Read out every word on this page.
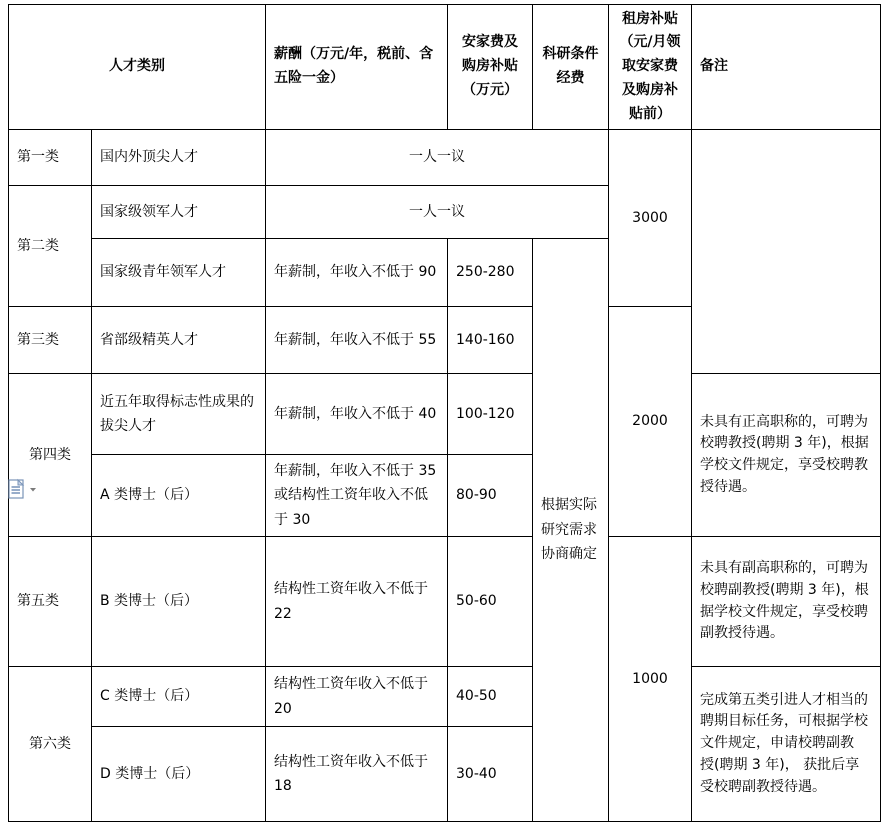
人才类别		薪酬（万元/年，税前、含五险一金）	安家费及购房补贴（万元）	科研条件经费	租房补贴（元/月领取安家费及购房补贴前）	备注
第一类	国内外顶尖人才	一人一议			3000	
第二类	国家级领军人才	一人一议				
	国家级青年领军人才	年薪制，年收入不低于 90	250-280	根据实际研究需求协商确定		
第三类	省部级精英人才	年薪制，年收入不低于 55	140-160		2000	
第四类	近五年取得标志性成果的拔尖人才	年薪制，年收入不低于 40	100-120			未具有正高职称的，可聘为校聘教授(聘期 3 年)，根据学校文件规定，享受校聘教授待遇。
	A 类博士（后）	年薪制，年收入不低于 35 或结构性工资年收入不低于 30	80-90			
第五类	B 类博士（后）	结构性工资年收入不低于 22	50-60		1000	未具有副高职称的，可聘为校聘副教授(聘期 3 年)，根据学校文件规定，享受校聘副教授待遇。
第六类	C 类博士（后）	结构性工资年收入不低于 20	40-50			完成第五类引进人才相当的聘期目标任务，可根据学校文件规定，申请校聘副教 授(聘期 3 年)， 获批后享受校聘副教授待遇。
	D 类博士（后）	结构性工资年收入不低于 18	30-40			
